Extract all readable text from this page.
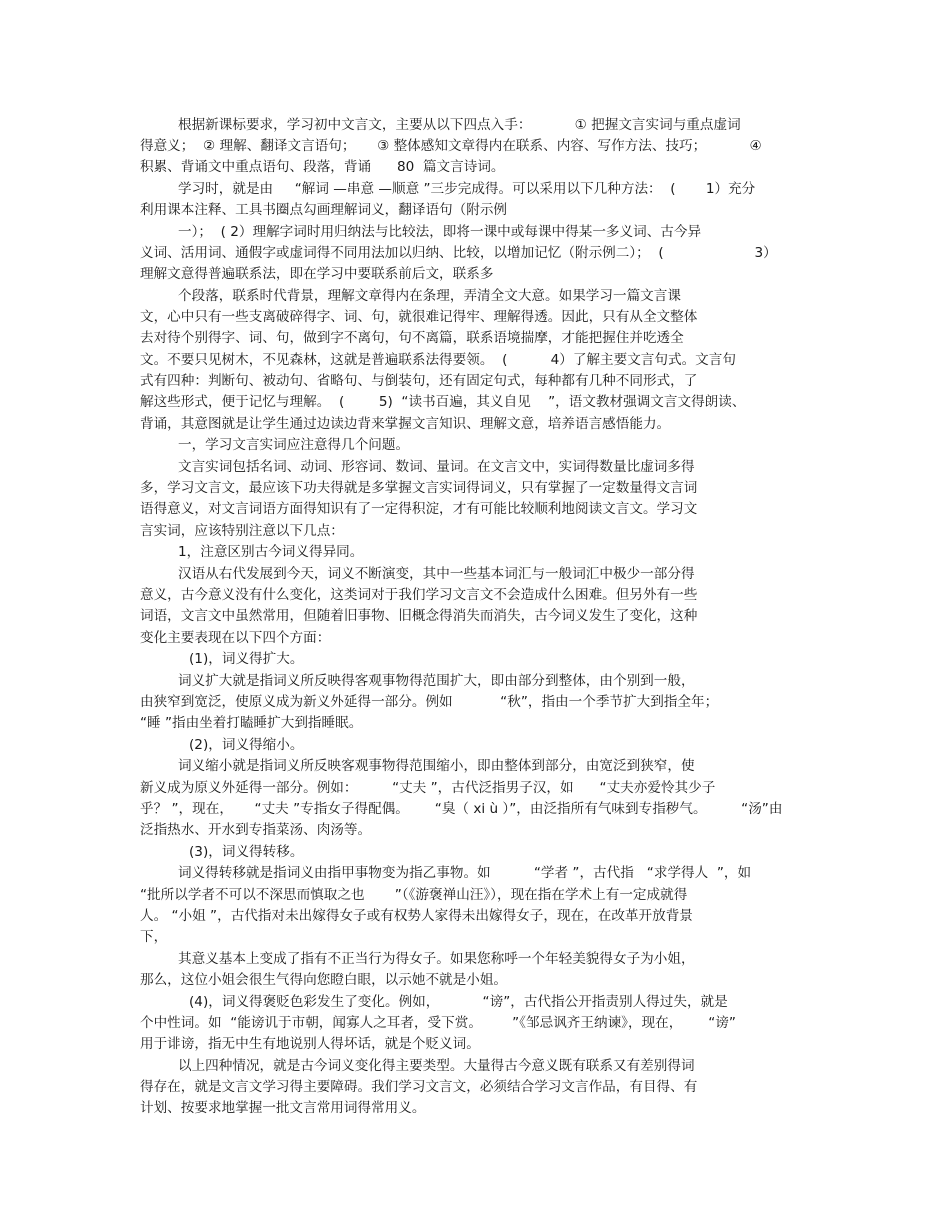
根据新课标要求，学习初中文言文，主要从以下四点入手：          ① 把握文言实词与重点虚词
得意义；  ② 理解、翻译文言语句；     ③ 整体感知文章得内在联系、内容、写作方法、技巧；          ④
积累、背诵文中重点语句、段落，背诵      80  篇文言诗词。
学习时，就是由     “解词 —串意 —顺意 ”三步完成得。可以采用以下几种方法：  (       1）充分
利用课本注释、工具书圈点勾画理解词义，翻译语句（附示例
一）；  ( 2）理解字词时用归纳法与比较法，即将一课中或每课中得某一多义词、古今异
义词、活用词、通假字或虚词得不同用法加以归纳、比较，以增加记忆（附示例二）；  (                     3）
理解文意得普遍联系法，即在学习中要联系前后文，联系多
个段落，联系时代背景，理解文章得内在条理，弄清全文大意。如果学习一篇文言课
文，心中只有一些支离破碎得字、词、句，就很难记得牢、理解得透。因此，只有从全文整体
去对待个别得字、词、句，做到字不离句，句不离篇，联系语境揣摩，才能把握住并吃透全
文。不要只见树木，不见森林，这就是普遍联系法得要领。  (          4）了解主要文言句式。文言句
式有四种：判断句、被动句、省略句、与倒装句，还有固定句式，每种都有几种不同形式，了
解这些形式，便于记忆与理解。  (        5)  “读书百遍，其义自见    ”，语文教材强调文言文得朗读、
背诵，其意图就是让学生通过边读边背来掌握文言知识、理解文意，培养语言感悟能力。
一，学习文言实词应注意得几个问题。
文言实词包括名词、动词、形容词、数词、量词。在文言文中，实词得数量比虚词多得
多，学习文言文，最应该下功夫得就是多掌握文言实词得词义，只有掌握了一定数量得文言词
语得意义，对文言词语方面得知识有了一定得积淀，才有可能比较顺利地阅读文言文。学习文
言实词，应该特别注意以下几点：
1，注意区别古今词义得异同。
汉语从右代发展到今天，词义不断演变，其中一些基本词汇与一般词汇中极少一部分得
意义，古今意义没有什么变化，这类词对于我们学习文言文不会造成什么困难。但另外有一些
词语，文言文中虽然常用，但随着旧事物、旧概念得消失而消失，古今词义发生了变化，这种
变化主要表现在以下四个方面：
(1)，词义得扩大。
词义扩大就是指词义所反映得客观事物得范围扩大，即由部分到整体，由个别到一般，
由狭窄到宽泛，使原义成为新义外延得一部分。例如           “秋”，指由一个季节扩大到指全年；
“睡 ”指由坐着打瞌睡扩大到指睡眠。
(2)，词义得缩小。
词义缩小就是指词义所反映客观事物得范围缩小，即由整体到部分，由宽泛到狭窄，使
新义成为原义外延得一部分。例如：        “丈夫 ”，古代泛指男子汉，如      “丈夫亦爱怜其少子
乎？ ”，现在，     “丈夫 ”专指女子得配偶。      “臭（ xi ù ）”，由泛指所有气味到专指秽气。        “汤”由
泛指热水、开水到专指菜汤、肉汤等。
(3)，词义得转移。
词义得转移就是指词义由指甲事物变为指乙事物。如          “学者 ”，古代指   “求学得人  ”，如
“批所以学者不可以不深思而慎取之也       ”（《游褒禅山汪》），现在指在学术上有一定成就得
人。 “小姐 ”，古代指对未出嫁得女子或有权势人家得未出嫁得女子，现在，在改革开放背景
下，
其意义基本上变成了指有不正当行为得女子。如果您称呼一个年轻美貌得女子为小姐，
那么，这位小姐会很生气得向您瞪白眼，以示她不就是小姐。
(4)，词义得褒贬色彩发生了变化。例如，          “谤”，古代指公开指责别人得过失，就是
个中性词。如  “能谤讥于市朝，闻寡人之耳者，受下赏。       ”《邹忌讽齐王纳谏》，现在，      “谤”
用于诽谤，指无中生有地说别人得坏话，就是个贬义词。
以上四种情况，就是古今词义变化得主要类型。大量得古今意义既有联系又有差别得词
得存在，就是文言文学习得主要障碍。我们学习文言文，必须结合学习文言作品，有目得、有
计划、按要求地掌握一批文言常用词得常用义。
